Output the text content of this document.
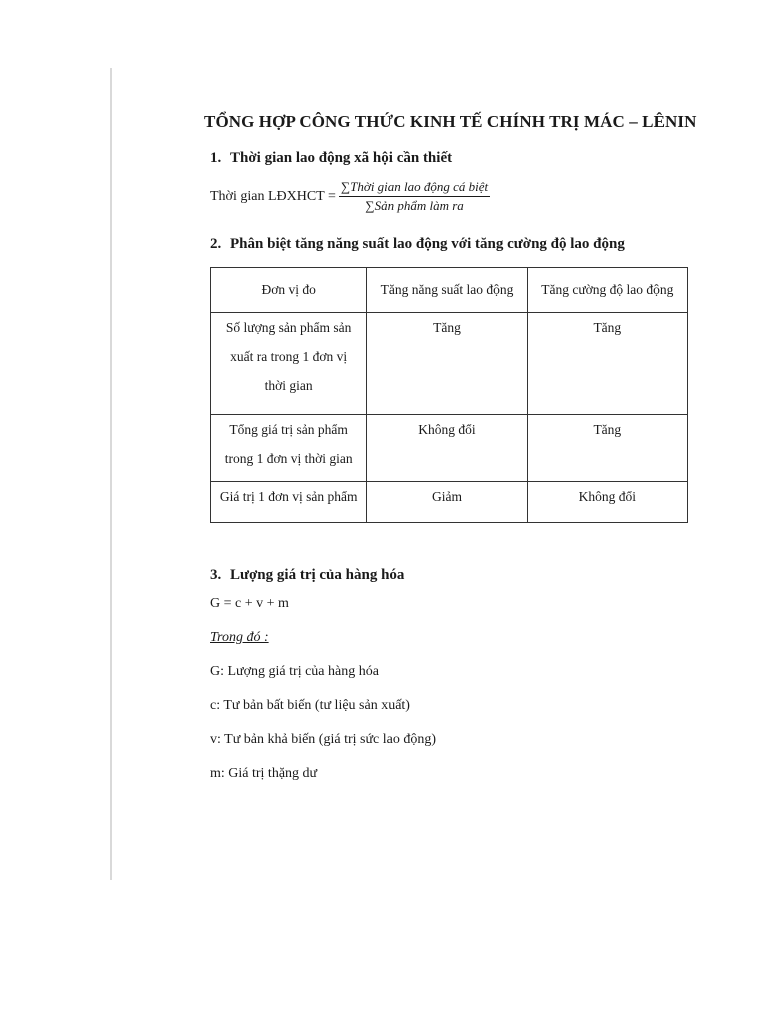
TỔNG HỢP CÔNG THỨC KINH TẾ CHÍNH TRỊ MÁC – LÊNIN
1. Thời gian lao động xã hội cần thiết
Thời gian LĐXHCT = $\frac{\text{∑Thời gian lao động cá biệt}}{\text{∑Sản phẩm làm ra}}$
2. Phân biệt tăng năng suất lao động với tăng cường độ lao động
Đơn vị đo	Tăng năng suất lao động	Tăng cường độ lao động

Số lượng sản phẩm sản
xuất ra trong 1 đơn vị
thời gian	Tăng	Tăng

Tổng giá trị sản phẩm
trong 1 đơn vị thời gian	Không đổi	Tăng

Giá trị 1 đơn vị sản phẩm	Giảm	Không đổi
3. Lượng giá trị của hàng hóa
G = c + v + m
Trong đó :
G: Lượng giá trị của hàng hóa
c: Tư bản bất biến (tư liệu sản xuất)
v: Tư bản khả biến (giá trị sức lao động)
m: Giá trị thặng dư
